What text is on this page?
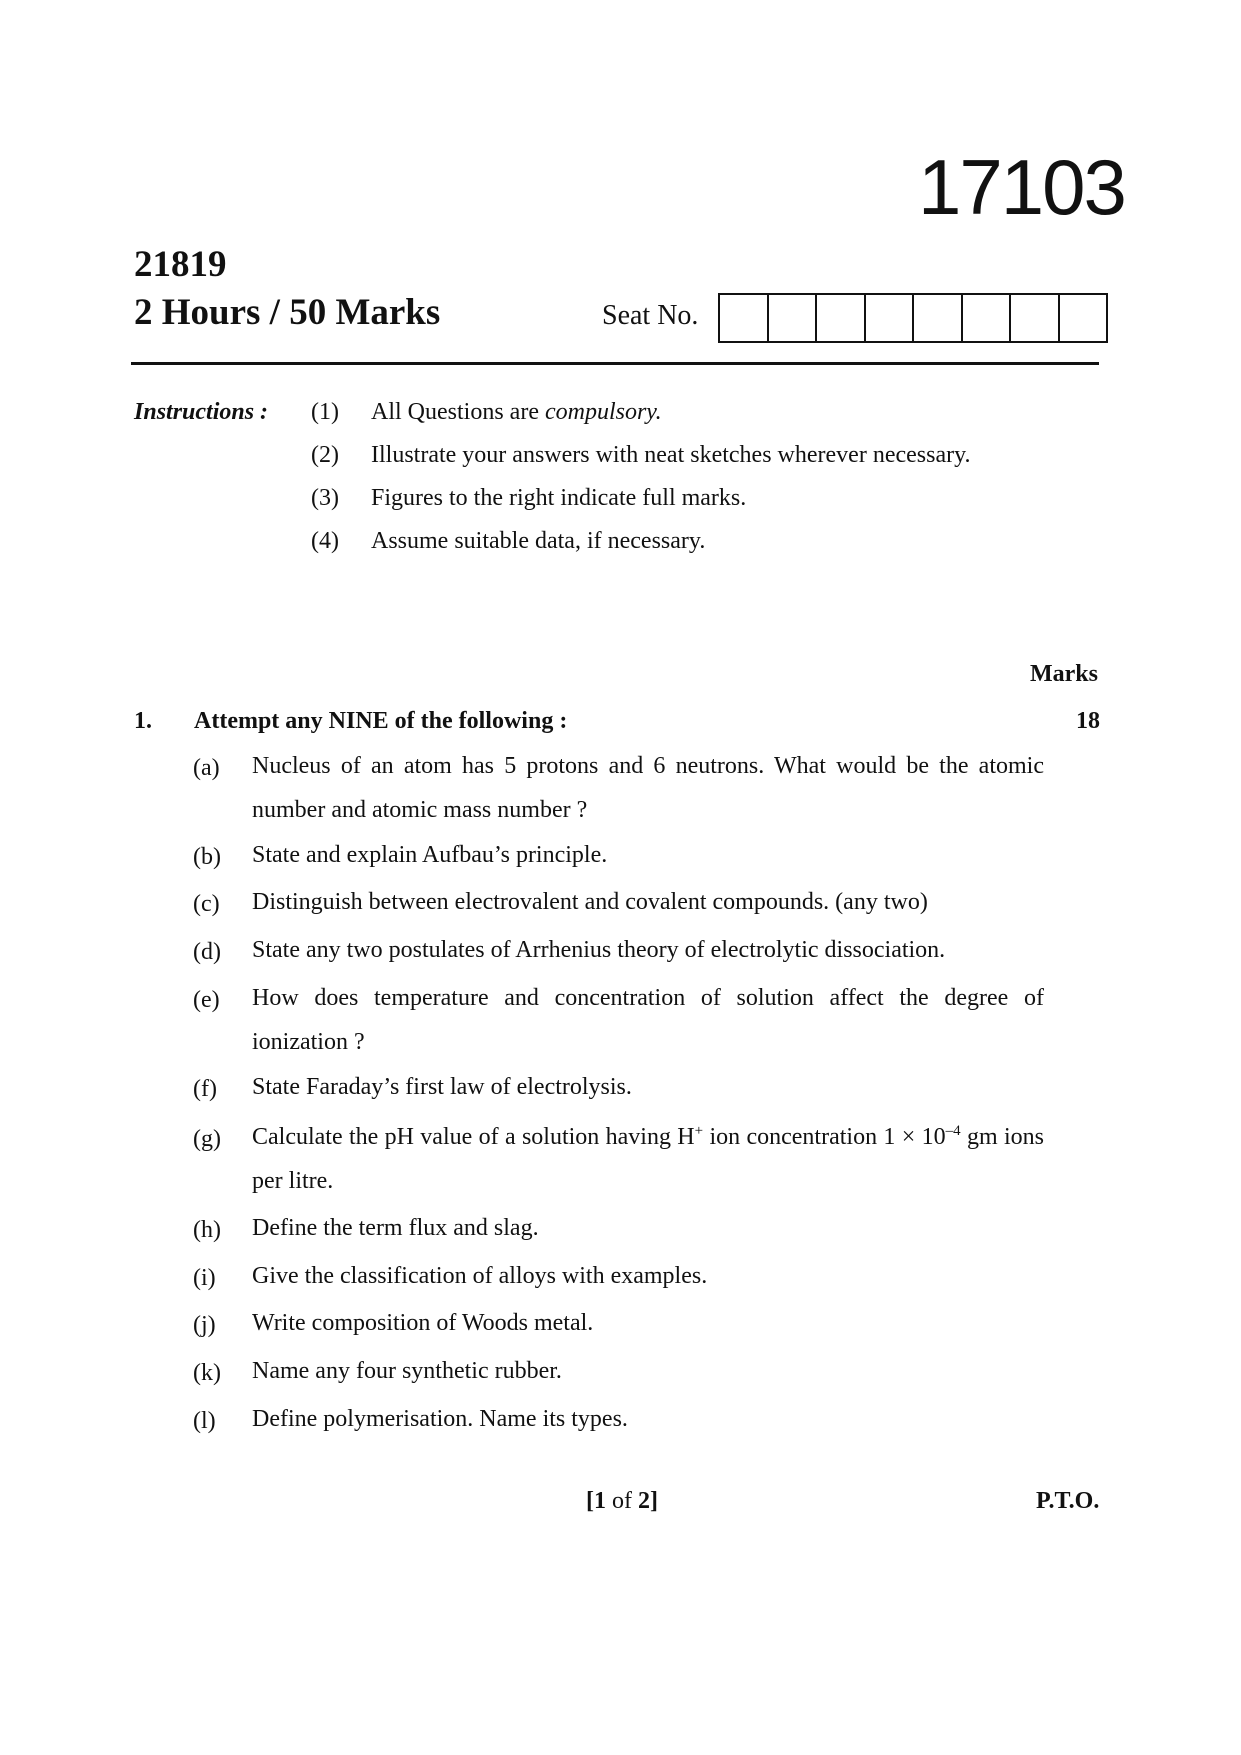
17103
21819
2 Hours / 50 Marks	Seat No.
Instructions : (1) All Questions are compulsory.
(2) Illustrate your answers with neat sketches wherever necessary.
(3) Figures to the right indicate full marks.
(4) Assume suitable data, if necessary.
Marks
1. Attempt any NINE of the following :	18
(a) Nucleus of an atom has 5 protons and 6 neutrons. What would be the atomic number and atomic mass number ?
(b) State and explain Aufbau’s principle.
(c) Distinguish between electrovalent and covalent compounds. (any two)
(d) State any two postulates of Arrhenius theory of electrolytic dissociation.
(e) How does temperature and concentration of solution affect the degree of ionization ?
(f) State Faraday’s first law of electrolysis.
(g) Calculate the pH value of a solution having H+ ion concentration $1 \times 10^{-4}$ gm ions per litre.
(h) Define the term flux and slag.
(i) Give the classification of alloys with examples.
(j) Write composition of Woods metal.
(k) Name any four synthetic rubber.
(l) Define polymerisation. Name its types.
[1 of 2]	P.T.O.
